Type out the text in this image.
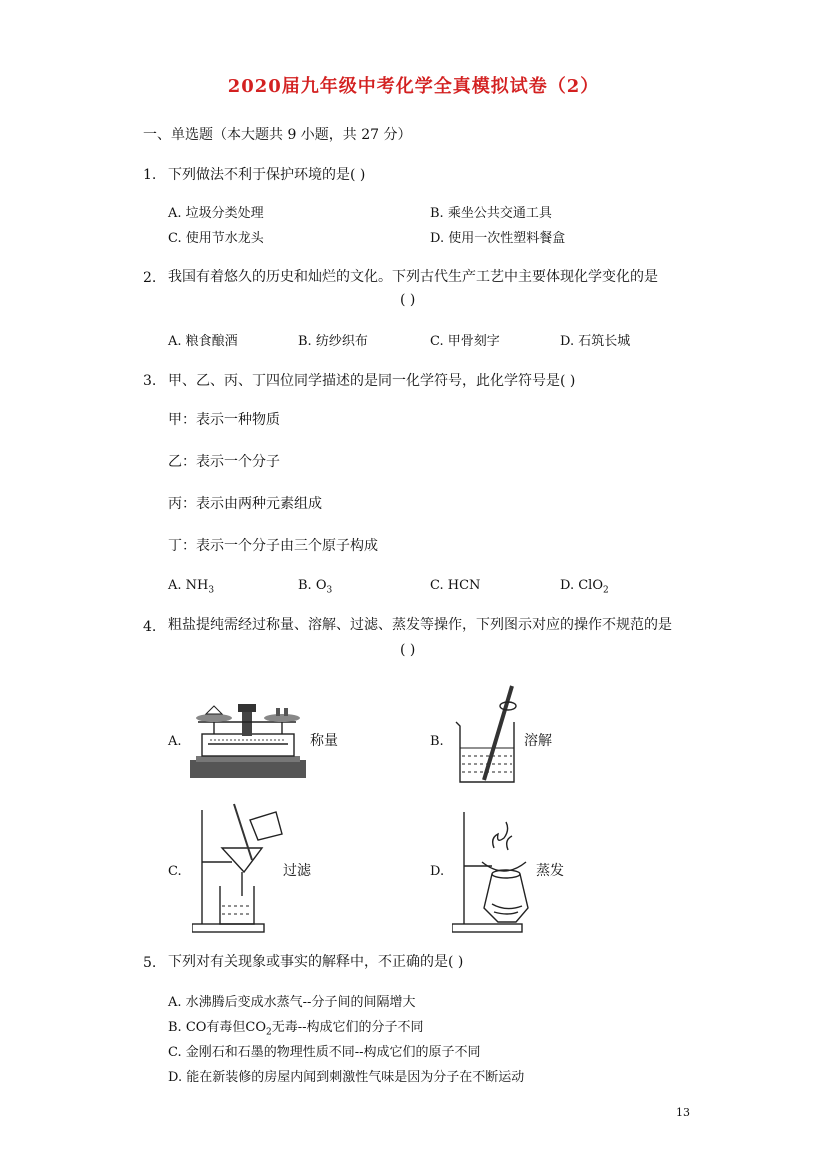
2020届九年级中考化学全真模拟试卷（2）
一、单选题（本大题共 9 小题，共 27 分）
1. 下列做法不利于保护环境的是( )
A. 垃圾分类处理	B. 乘坐公共交通工具
C. 使用节水龙头	D. 使用一次性塑料餐盒
2. 我国有着悠久的历史和灿烂的文化。下列古代生产工艺中主要体现化学变化的是
( )
A. 粮食酿酒	B. 纺纱织布	C. 甲骨刻字	D. 石筑长城
3. 甲、乙、丙、丁四位同学描述的是同一化学符号，此化学符号是( )
甲：表示一种物质
乙：表示一个分子
丙：表示由两种元素组成
丁：表示一个分子由三个原子构成
A. $NH_3$	B. $O_3$	C. HCN	D. ClO$_2$
4. 粗盐提纯需经过称量、溶解、过滤、蒸发等操作，下列图示对应的操作不规范的是
( )
A.	称量	B.	溶解
C.	过滤	D.	蒸发
5. 下列对有关现象或事实的解释中，不正确的是( )
A. 水沸腾后变成水蒸气--分子间的间隔增大
B. CO有毒但$CO_2$无毒--构成它们的分子不同
C. 金刚石和石墨的物理性质不同--构成它们的原子不同
D. 能在新装修的房屋内闻到刺激性气味是因为分子在不断运动
13
